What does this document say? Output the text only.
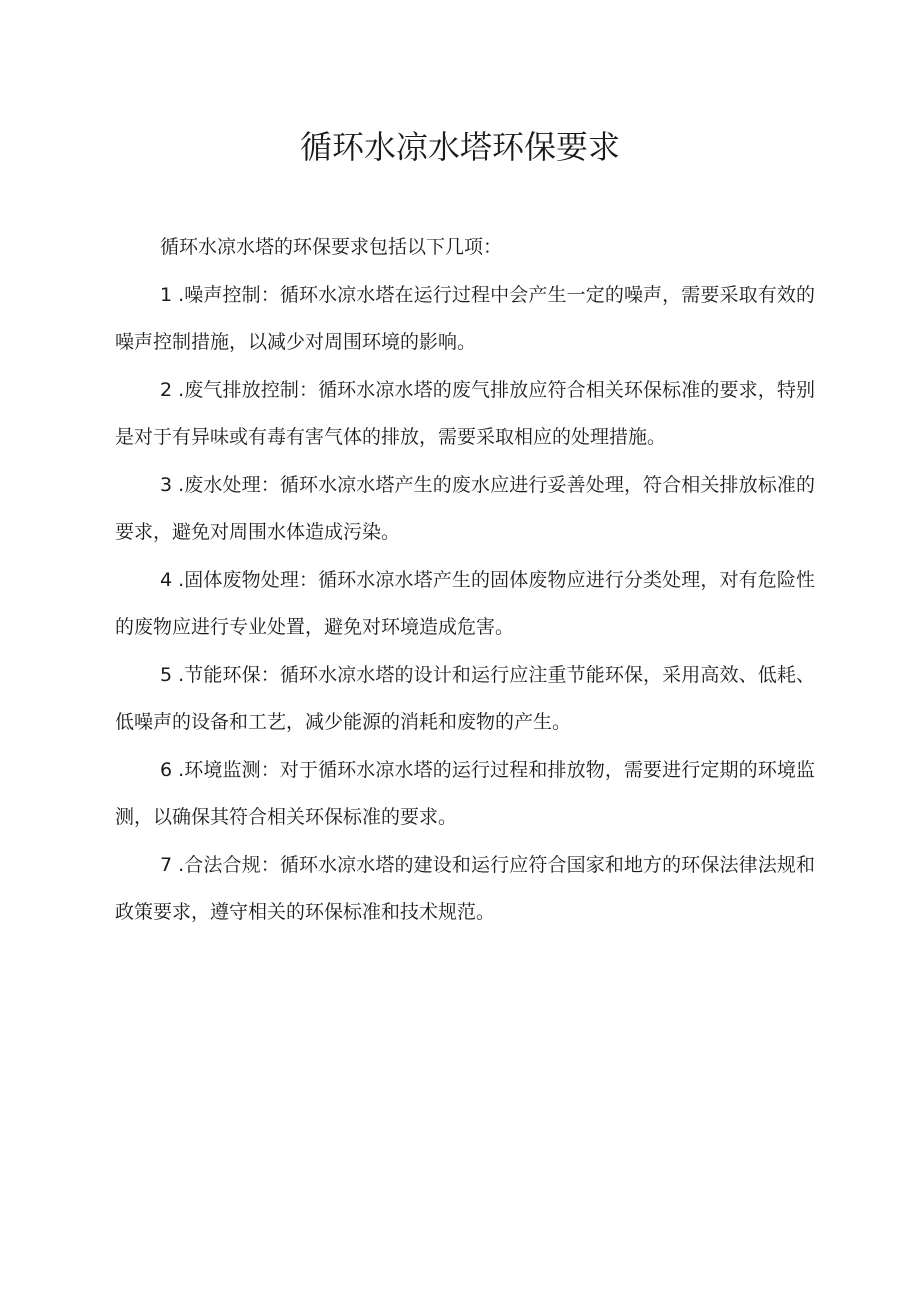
循环水凉水塔环保要求

循环水凉水塔的环保要求包括以下几项：

1 .噪声控制：循环水凉水塔在运行过程中会产生一定的噪声，需要采取有效的噪声控制措施，以减少对周围环境的影响。

2 .废气排放控制：循环水凉水塔的废气排放应符合相关环保标准的要求，特别是对于有异味或有毒有害气体的排放，需要采取相应的处理措施。

3 .废水处理：循环水凉水塔产生的废水应进行妥善处理，符合相关排放标准的要求，避免对周围水体造成污染。

4 .固体废物处理：循环水凉水塔产生的固体废物应进行分类处理，对有危险性的废物应进行专业处置，避免对环境造成危害。

5 .节能环保：循环水凉水塔的设计和运行应注重节能环保，采用高效、低耗、低噪声的设备和工艺，减少能源的消耗和废物的产生。

6 .环境监测：对于循环水凉水塔的运行过程和排放物，需要进行定期的环境监测，以确保其符合相关环保标准的要求。

7 .合法合规：循环水凉水塔的建设和运行应符合国家和地方的环保法律法规和政策要求，遵守相关的环保标准和技术规范。
